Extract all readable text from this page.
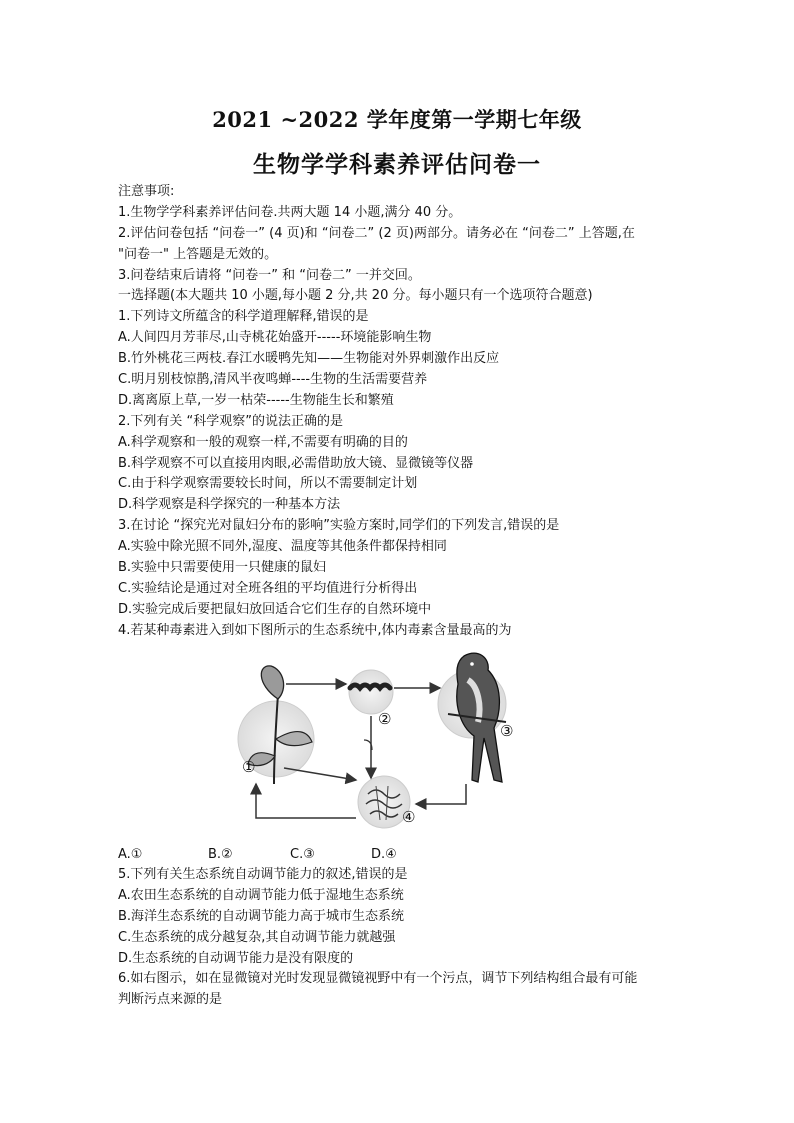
2021 ~2022 学年度第一学期七年级
生物学学科素养评估问卷一
注意事项:
1.生物学学科素养评估问卷.共两大题 14 小题,满分 40 分。
2.评估问卷包括 “问卷一” (4 页)和 “问卷二” (2 页)两部分。请务必在 “问卷二” 上答题,在
"问卷一" 上答题是无效的。
3.问卷结束后请将 “问卷一” 和 “问卷二” 一并交回。
一选择题(本大题共 10 小题,每小题 2 分,共 20 分。每小题只有一个选项符合题意)
1.下列诗文所蕴含的科学道理解释,错误的是
A.人间四月芳菲尽,山寺桃花始盛开-----环境能影响生物
B.竹外桃花三两枝.春江水暖鸭先知——生物能对外界刺激作出反应
C.明月别枝惊鹊,清风半夜鸣蝉----生物的生活需要营养
D.离离原上草,一岁一枯荣-----生物能生长和繁殖
2.下列有关 “科学观察”的说法正确的是
A.科学观察和一般的观察一样,不需要有明确的目的
B.科学观察不可以直接用肉眼,必需借助放大镜、显微镜等仪器
C.由于科学观察需要较长时间，所以不需要制定计划
D.科学观察是科学探究的一种基本方法
3.在讨论 “探究光对鼠妇分布的影响”实验方案时,同学们的下列发言,错误的是
A.实验中除光照不同外,湿度、温度等其他条件都保持相同
B.实验中只需要使用一只健康的鼠妇
C.实验结论是通过对全班各组的平均值进行分析得出
D.实验完成后要把鼠妇放回适合它们生存的自然环境中
4.若某种毒素进入到如下图所示的生态系统中,体内毒素含量最高的为
①
②
③
④
A.①	B.②	C.③	D.④
5.下列有关生态系统自动调节能力的叙述,错误的是
A.农田生态系统的自动调节能力低于湿地生态系统
B.海洋生态系统的自动调节能力高于城市生态系统
C.生态系统的成分越复杂,其自动调节能力就越强
D.生态系统的自动调节能力是没有限度的
6.如右图示，如在显微镜对光时发现显微镜视野中有一个污点，调节下列结构组合最有可能
判断污点来源的是
